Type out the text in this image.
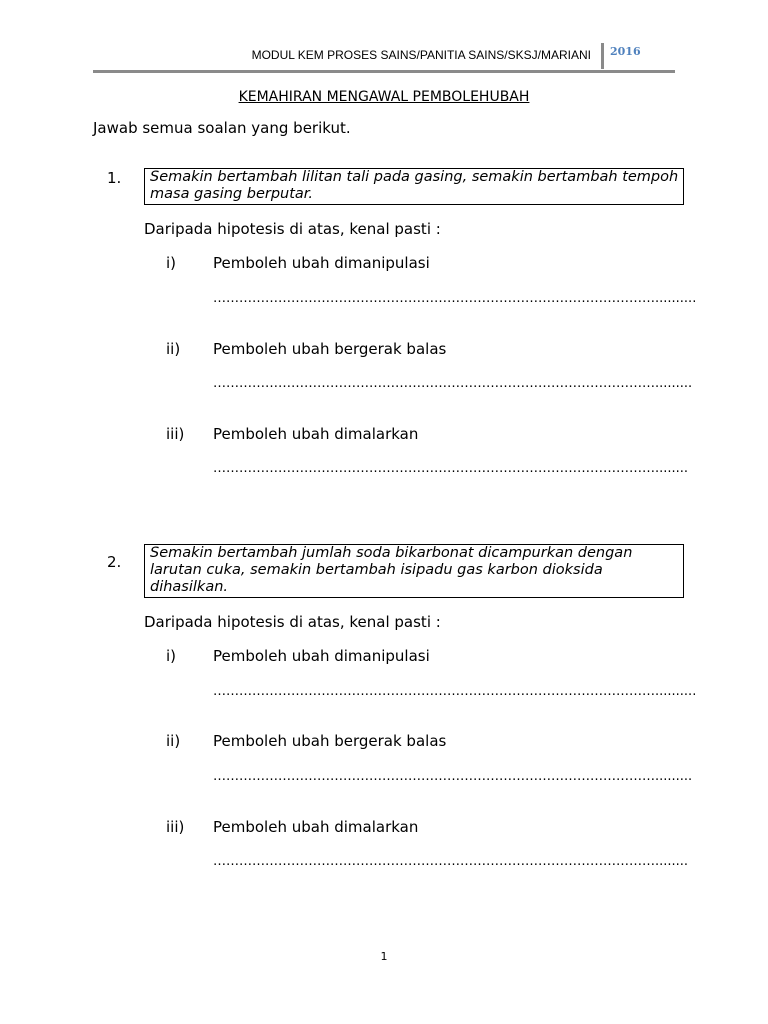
MODUL KEM PROSES SAINS/PANITIA SAINS/SKSJ/MARIANI 2016
KEMAHIRAN MENGAWAL PEMBOLEHUBAH
Jawab semua soalan yang berikut.
1.	Semakin bertambah lilitan tali pada gasing, semakin bertambah tempoh masa gasing berputar.
Daripada hipotesis di atas, kenal pasti :
i) Pemboleh ubah dimanipulasi
…………………………………………………………………………………………..........
ii) Pemboleh ubah bergerak balas
………………………………………………………………………………………….........
iii) Pemboleh ubah dimalarkan
…………………………………………………………………………………………........
2.	Semakin bertambah jumlah soda bikarbonat dicampurkan dengan larutan cuka, semakin bertambah isipadu gas karbon dioksida dihasilkan.
Daripada hipotesis di atas, kenal pasti :
i) Pemboleh ubah dimanipulasi
…………………………………………………………………………………………..........
ii) Pemboleh ubah bergerak balas
………………………………………………………………………………………….........
iii) Pemboleh ubah dimalarkan
…………………………………………………………………………………………........
1
